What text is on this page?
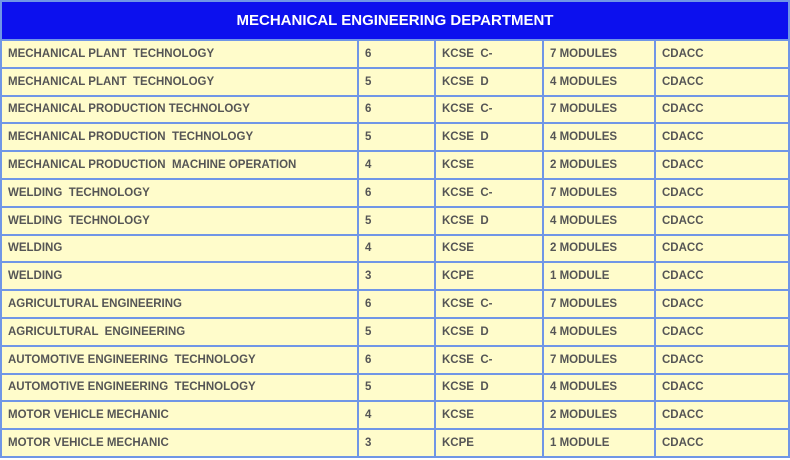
MECHANICAL ENGINEERING DEPARTMENT				
MECHANICAL PLANT  TECHNOLOGY	6	KCSE  C-	7 MODULES	CDACC
MECHANICAL PLANT  TECHNOLOGY	5	KCSE  D	4 MODULES	CDACC
MECHANICAL PRODUCTION TECHNOLOGY	6	KCSE  C-	7 MODULES	CDACC
MECHANICAL PRODUCTION  TECHNOLOGY	5	KCSE  D	4 MODULES	CDACC
MECHANICAL PRODUCTION  MACHINE OPERATION	4	KCSE	2 MODULES	CDACC
WELDING  TECHNOLOGY	6	KCSE  C-	7 MODULES	CDACC
WELDING  TECHNOLOGY	5	KCSE  D	4 MODULES	CDACC
WELDING	4	KCSE	2 MODULES	CDACC
WELDING	3	KCPE	1 MODULE	CDACC
AGRICULTURAL ENGINEERING	6	KCSE  C-	7 MODULES	CDACC
AGRICULTURAL  ENGINEERING	5	KCSE  D	4 MODULES	CDACC
AUTOMOTIVE ENGINEERING  TECHNOLOGY	6	KCSE  C-	7 MODULES	CDACC
AUTOMOTIVE ENGINEERING  TECHNOLOGY	5	KCSE  D	4 MODULES	CDACC
MOTOR VEHICLE MECHANIC	4	KCSE	2 MODULES	CDACC
MOTOR VEHICLE MECHANIC	3	KCPE	1 MODULE	CDACC
